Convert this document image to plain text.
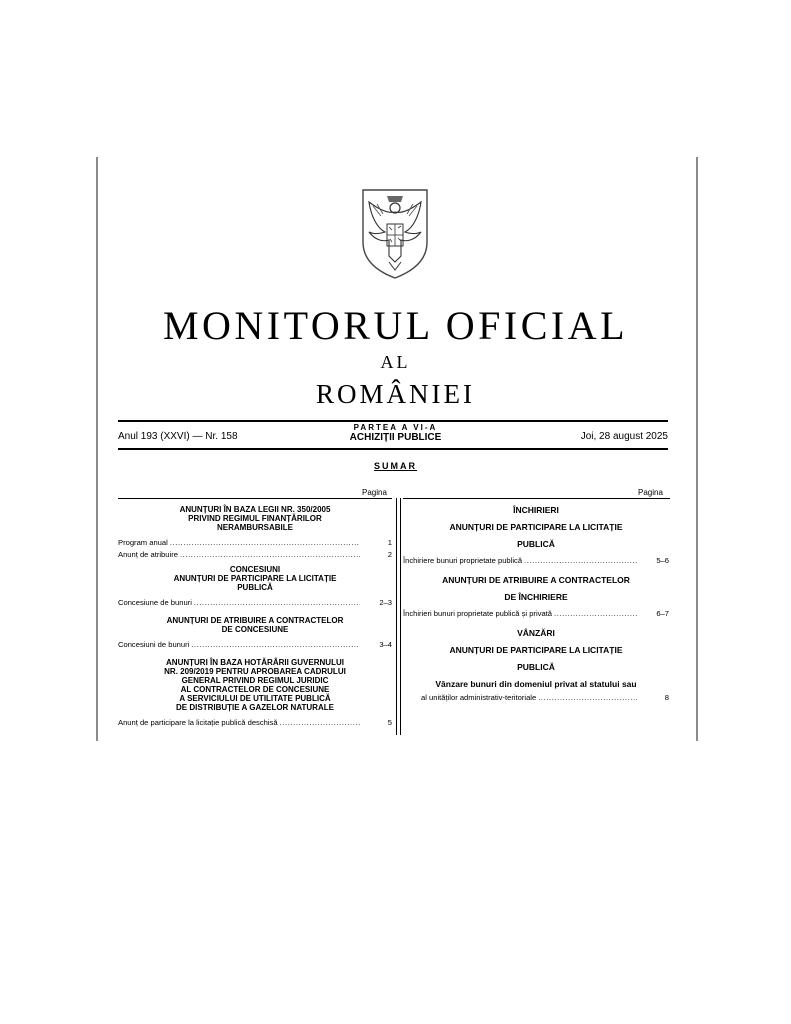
MONITORUL OFICIAL
AL
ROMÂNIEI
Anul 193 (XXVI) — Nr. 158
PARTEA A VI-A
ACHIZIȚII PUBLICE	Joi, 28 august 2025
SUMAR
Pagina	Pagina
ANUNȚURI ÎN BAZA LEGII NR. 350/2005
PRIVIND REGIMUL FINANȚĂRILOR
NERAMBURSABILE
Program anual .....	1
Anunț de atribuire .....	2
CONCESIUNI
ANUNȚURI DE PARTICIPARE LA LICITAȚIE
PUBLICĂ
Concesiune de bunuri .....	2–3
ANUNȚURI DE ATRIBUIRE A CONTRACTELOR
DE CONCESIUNE
Concesiuni de bunuri .....	3–4
ANUNȚURI ÎN BAZA HOTĂRÂRII GUVERNULUI
NR. 209/2019 PENTRU APROBAREA CADRULUI
GENERAL PRIVIND REGIMUL JURIDIC
AL CONTRACTELOR DE CONCESIUNE
A SERVICIULUI DE UTILITATE PUBLICĂ
DE DISTRIBUȚIE A GAZELOR NATURALE
Anunț de participare la licitație publică deschisă .....	5
ÎNCHIRIERI
ANUNȚURI DE PARTICIPARE LA LICITAȚIE
PUBLICĂ
Închiriere bunuri proprietate publică .....	5–6
ANUNȚURI DE ATRIBUIRE A CONTRACTELOR
DE ÎNCHIRIERE
Închirieri bunuri proprietate publică și privată .....	6–7
VÂNZĂRI
ANUNȚURI DE PARTICIPARE LA LICITAȚIE
PUBLICĂ
Vânzare bunuri din domeniul privat al statului sau
al unităților administrativ-teritoriale .....	8
